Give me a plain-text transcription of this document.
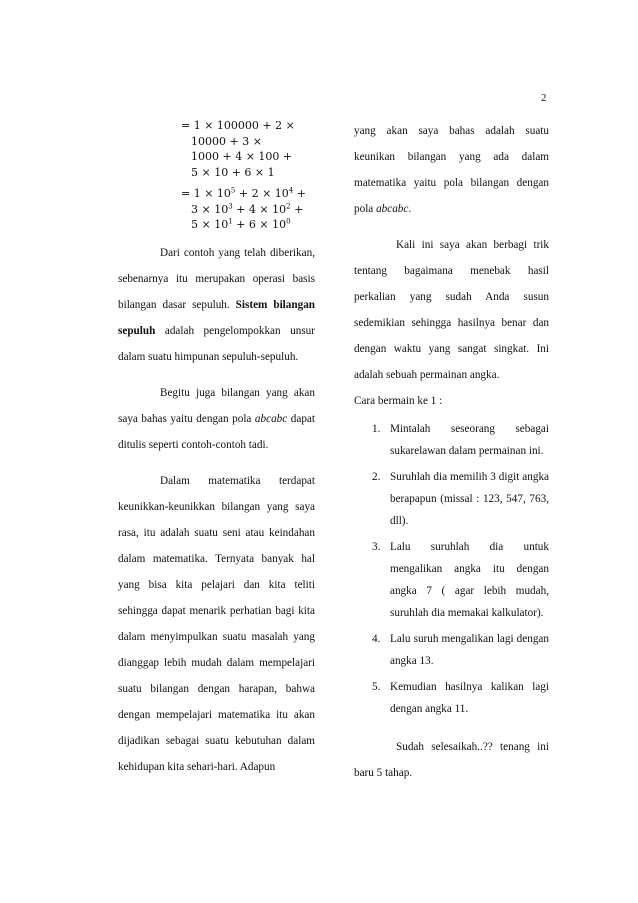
2
= 1 × 100000 + 2 ×
10000 + 3 ×
1000 + 4 × 100 +
5 × 10 + 6 × 1
= $1 \times 10^5 + 2 \times 10^4$ +
$3 \times 10^3 + 4 \times 10^2$ +
$5 \times 10^1 + 6 \times 10^0$

Dari contoh yang telah diberikan, sebenarnya itu merupakan operasi basis bilangan dasar sepuluh. Sistem bilangan sepuluh adalah pengelompokkan unsur dalam suatu himpunan sepuluh-sepuluh.

Begitu juga bilangan yang akan saya bahas yaitu dengan pola abcabc dapat ditulis seperti contoh-contoh tadi.

Dalam matematika terdapat keunikkan-keunikkan bilangan yang saya rasa, itu adalah suatu seni atau keindahan dalam matematika. Ternyata banyak hal yang bisa kita pelajari dan kita teliti sehingga dapat menarik perhatian bagi kita dalam menyimpulkan suatu masalah yang dianggap lebih mudah dalam mempelajari suatu bilangan dengan harapan, bahwa dengan mempelajari matematika itu akan dijadikan sebagai suatu kebutuhan dalam kehidupan kita sehari-hari. Adapun

yang akan saya bahas adalah suatu keunikan bilangan yang ada dalam matematika yaitu pola bilangan dengan pola abcabc.

Kali ini saya akan berbagi trik tentang bagaimana menebak hasil perkalian yang sudah Anda susun sedemikian sehingga hasilnya benar dan dengan waktu yang sangat singkat. Ini adalah sebuah permainan angka.

Cara bermain ke 1 :

1. Mintalah seseorang sebagai sukarelawan dalam permainan ini.
2. Suruhlah dia memilih 3 digit angka berapapun (missal : 123, 547, 763, dll).
3. Lalu suruhlah dia untuk mengalikan angka itu dengan angka 7 ( agar lebih mudah, suruhlah dia memakai kalkulator).
4. Lalu suruh mengalikan lagi dengan angka 13.
5. Kemudian hasilnya kalikan lagi dengan angka 11.

Sudah selesaikah..?? tenang ini baru 5 tahap.
